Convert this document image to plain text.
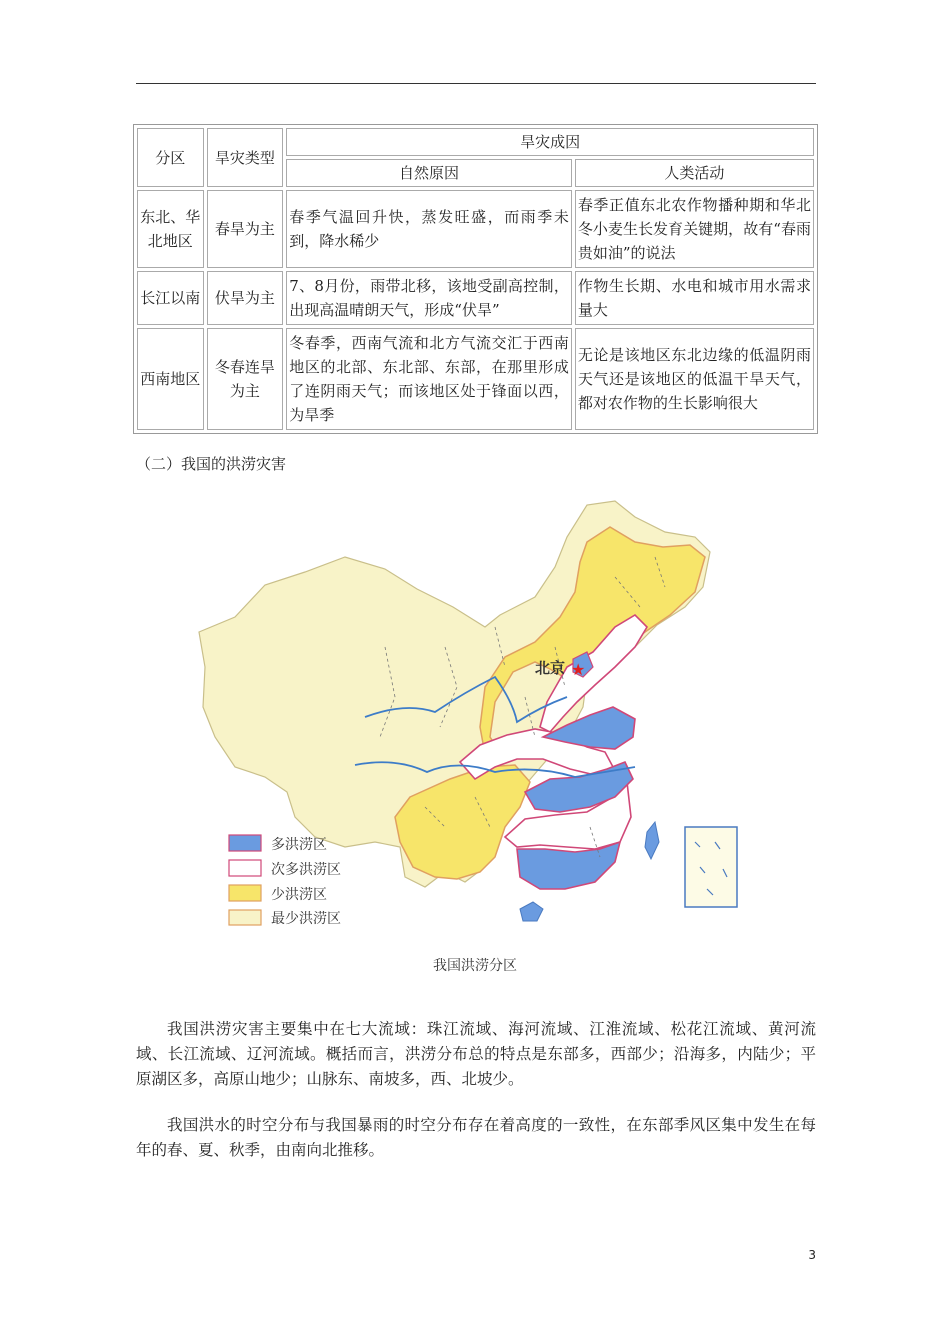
分区	旱灾类型	旱灾成因	
		自然原因	人类活动
东北、华北地区	春旱为主	春季气温回升快，蒸发旺盛，而雨季未到，降水稀少	春季正值东北农作物播种期和华北冬小麦生长发育关键期，故有“春雨贵如油”的说法
长江以南	伏旱为主	7、8月份，雨带北移，该地受副高控制，出现高温晴朗天气，形成“伏旱”	作物生长期、水电和城市用水需求量大
西南地区	冬春连旱为主	冬春季，西南气流和北方气流交汇于西南地区的北部、东北部、东部，在那里形成了连阴雨天气；而该地区处于锋面以西，为旱季	无论是该地区东北边缘的低温阴雨天气还是该地区的低温干旱天气，都对农作物的生长影响很大
（二）我国的洪涝灾害
北京 ★
多洪涝区
次多洪涝区
少洪涝区
最少洪涝区
我国洪涝分区
我国洪涝灾害主要集中在七大流域：珠江流域、海河流域、江淮流域、松花江流域、黄河流域、长江流域、辽河流域。概括而言，洪涝分布总的特点是东部多，西部少；沿海多，内陆少；平原湖区多，高原山地少；山脉东、南坡多，西、北坡少。
我国洪水的时空分布与我国暴雨的时空分布存在着高度的一致性，在东部季风区集中发生在每年的春、夏、秋季，由南向北推移。
3
